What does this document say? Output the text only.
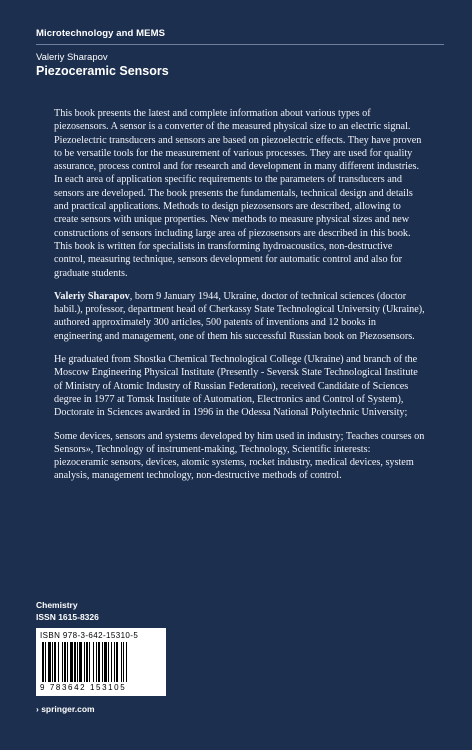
Microtechnology and MEMS
Valeriy Sharapov
Piezoceramic Sensors

This book presents the latest and complete information about various types of piezosensors. A sensor is a converter of the measured physical size to an electric signal. Piezoelectric transducers and sensors are based on piezoelectric effects. They have proven to be versatile tools for the measurement of various processes. They are used for quality assurance, process control and for research and development in many different industries. In each area of application specific requirements to the parameters of transducers and sensors are developed. The book presents the fundamentals, technical design and details and practical applications. Methods to design piezosensors are described, allowing to create sensors with unique properties. New methods to measure physical sizes and new constructions of sensors including large area of piezosensors are described in this book. This book is written for specialists in transforming hydroacoustics, non-destructive control, measuring technique, sensors development for automatic control and also for graduate students.

Valeriy Sharapov, born 9 January 1944, Ukraine, doctor of technical sciences (doctor habil.), professor, department head of Cherkassy State Technological University (Ukraine), authored approximately 300 articles, 500 patents of inventions and 12 books in engineering and management, one of them his successful Russian book on Piezosensors.

He graduated from Shostka Chemical Technological College (Ukraine) and branch of the Moscow Engineering Physical Institute (Presently - Seversk State Technological Institute of Ministry of Atomic Industry of Russian Federation), received Candidate of Sciences degree in 1977 at Tomsk Institute of Automation, Electronics and Control of System), Doctorate in Sciences awarded in 1996 in the Odessa National Polytechnic University;

Some devices, sensors and systems developed by him used in industry; Teaches courses on Sensors», Technology of instrument-making, Technology, Scientific interests: piezoceramic sensors, devices, atomic systems, rocket industry, medical devices, system analysis, management technology, non-destructive methods of control.

Chemistry
ISSN 1615-8326
ISBN 978-3-642-15310-5
9 783642 153105
› springer.com
